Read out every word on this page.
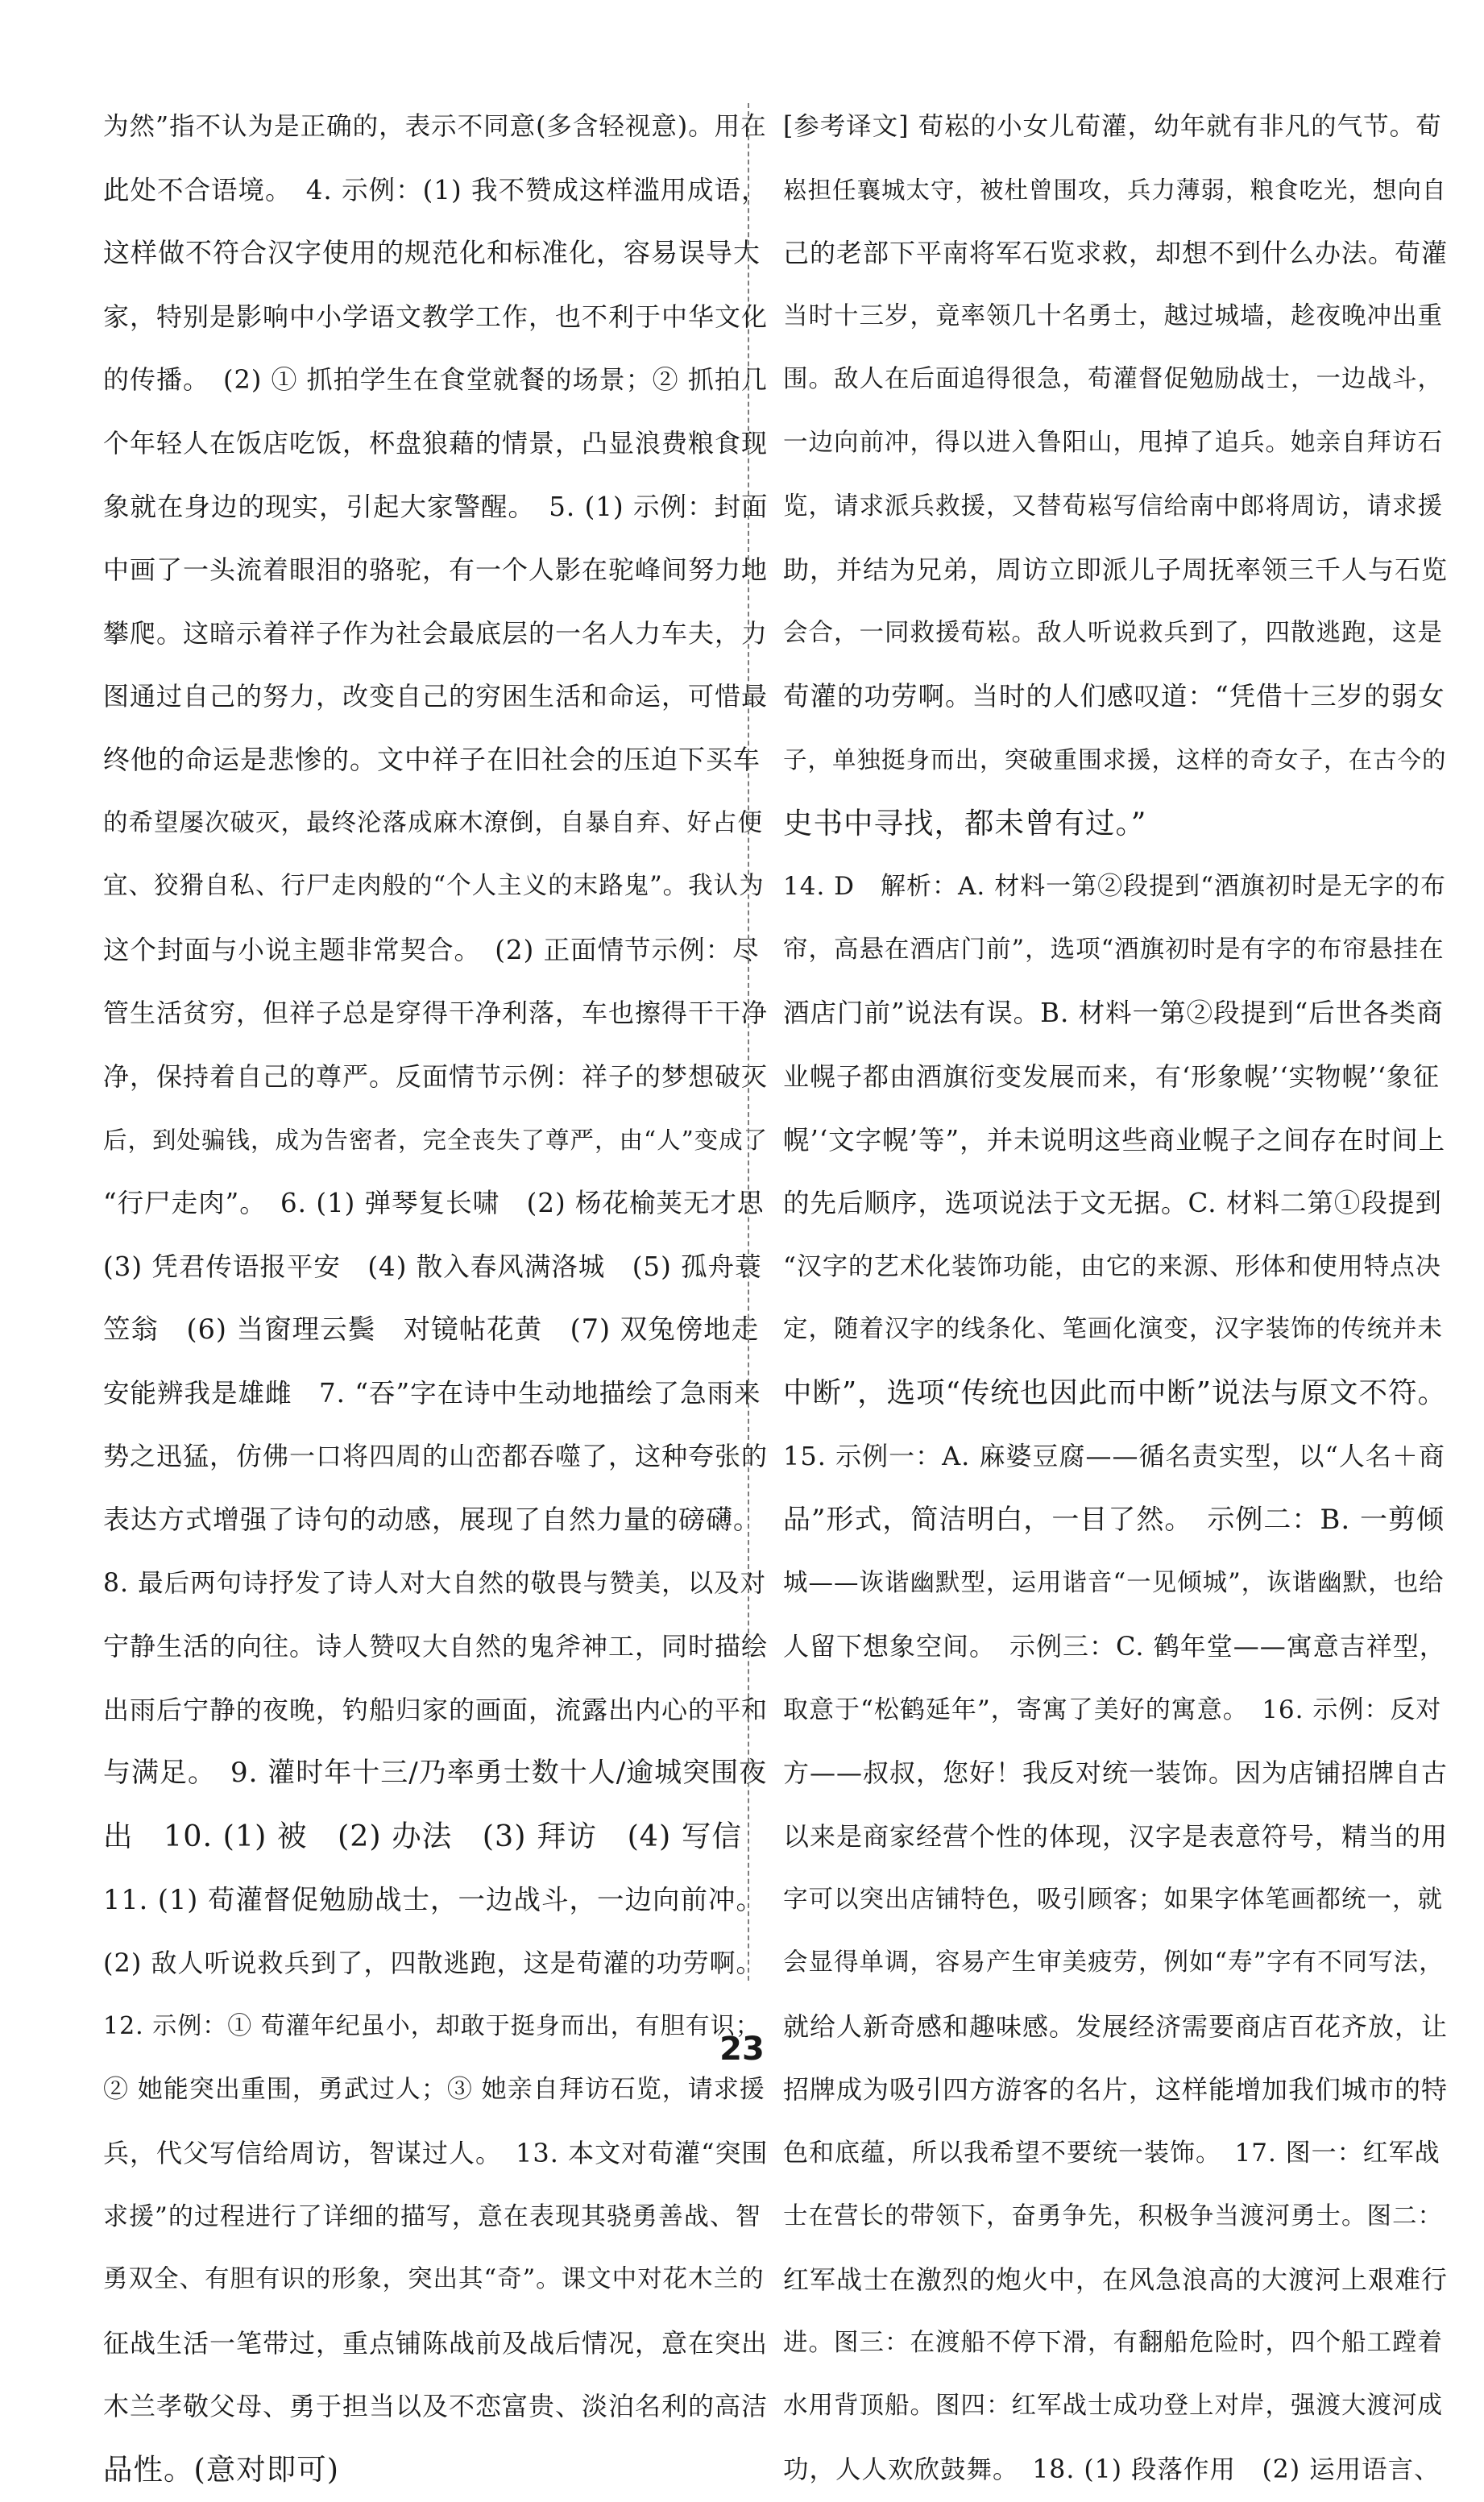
为然”指不认为是正确的，表示不同意(多含轻视意)。用在
此处不合语境。　4. 示例：(1) 我不赞成这样滥用成语，
这样做不符合汉字使用的规范化和标准化，容易误导大
家，特别是影响中小学语文教学工作，也不利于中华文化
的传播。　(2) ① 抓拍学生在食堂就餐的场景；② 抓拍几
个年轻人在饭店吃饭，杯盘狼藉的情景，凸显浪费粮食现
象就在身边的现实，引起大家警醒。　5. (1) 示例：封面
中画了一头流着眼泪的骆驼，有一个人影在驼峰间努力地
攀爬。这暗示着祥子作为社会最底层的一名人力车夫，力
图通过自己的努力，改变自己的穷困生活和命运，可惜最
终他的命运是悲惨的。文中祥子在旧社会的压迫下买车
的希望屡次破灭，最终沦落成麻木潦倒，自暴自弃、好占便
宜、狡猾自私、行尸走肉般的“个人主义的末路鬼”。我认为
这个封面与小说主题非常契合。　(2) 正面情节示例：尽
管生活贫穷，但祥子总是穿得干净利落，车也擦得干干净
净，保持着自己的尊严。反面情节示例：祥子的梦想破灭
后，到处骗钱，成为告密者，完全丧失了尊严，由“人”变成了
“行尸走肉”。　6. (1) 弹琴复长啸　(2) 杨花榆荚无才思
(3) 凭君传语报平安　(4) 散入春风满洛城　(5) 孤舟蓑
笠翁　(6) 当窗理云鬓　对镜帖花黄　(7) 双兔傍地走
安能辨我是雄雌　7. “吞”字在诗中生动地描绘了急雨来
势之迅猛，仿佛一口将四周的山峦都吞噬了，这种夸张的
表达方式增强了诗句的动感，展现了自然力量的磅礴。
8. 最后两句诗抒发了诗人对大自然的敬畏与赞美，以及对
宁静生活的向往。诗人赞叹大自然的鬼斧神工，同时描绘
出雨后宁静的夜晚，钓船归家的画面，流露出内心的平和
与满足。　9. 灌时年十三/乃率勇士数十人/逾城突围夜
出　10. (1) 被　(2) 办法　(3) 拜访　(4) 写信
11. (1) 荀灌督促勉励战士，一边战斗，一边向前冲。
(2) 敌人听说救兵到了，四散逃跑，这是荀灌的功劳啊。
12. 示例：① 荀灌年纪虽小，却敢于挺身而出，有胆有识；
② 她能突出重围，勇武过人；③ 她亲自拜访石览，请求援
兵，代父写信给周访，智谋过人。　13. 本文对荀灌“突围
求援”的过程进行了详细的描写，意在表现其骁勇善战、智
勇双全、有胆有识的形象，突出其“奇”。课文中对花木兰的
征战生活一笔带过，重点铺陈战前及战后情况，意在突出
木兰孝敬父母、勇于担当以及不恋富贵、淡泊名利的高洁
品性。(意对即可)
[参考译文] 荀崧的小女儿荀灌，幼年就有非凡的气节。荀
崧担任襄城太守，被杜曾围攻，兵力薄弱，粮食吃光，想向自
己的老部下平南将军石览求救，却想不到什么办法。荀灌
当时十三岁，竟率领几十名勇士，越过城墙，趁夜晚冲出重
围。敌人在后面追得很急，荀灌督促勉励战士，一边战斗，
一边向前冲，得以进入鲁阳山，甩掉了追兵。她亲自拜访石
览，请求派兵救援，又替荀崧写信给南中郎将周访，请求援
助，并结为兄弟，周访立即派儿子周抚率领三千人与石览
会合，一同救援荀崧。敌人听说救兵到了，四散逃跑，这是
荀灌的功劳啊。当时的人们感叹道：“凭借十三岁的弱女
子，单独挺身而出，突破重围求援，这样的奇女子，在古今的
史书中寻找，都未曾有过。”
14. D　解析：A. 材料一第②段提到“酒旗初时是无字的布
帘，高悬在酒店门前”，选项“酒旗初时是有字的布帘悬挂在
酒店门前”说法有误。B. 材料一第②段提到“后世各类商
业幌子都由酒旗衍变发展而来，有‘形象幌’‘实物幌’‘象征
幌’‘文字幌’等”，并未说明这些商业幌子之间存在时间上
的先后顺序，选项说法于文无据。C. 材料二第①段提到
“汉字的艺术化装饰功能，由它的来源、形体和使用特点决
定，随着汉字的线条化、笔画化演变，汉字装饰的传统并未
中断”，选项“传统也因此而中断”说法与原文不符。
15. 示例一：A. 麻婆豆腐——循名责实型，以“人名＋商
品”形式，简洁明白，一目了然。　示例二：B. 一剪倾
城——诙谐幽默型，运用谐音“一见倾城”，诙谐幽默，也给
人留下想象空间。　示例三：C. 鹤年堂——寓意吉祥型，
取意于“松鹤延年”，寄寓了美好的寓意。　16. 示例：反对
方——叔叔，您好！我反对统一装饰。因为店铺招牌自古
以来是商家经营个性的体现，汉字是表意符号，精当的用
字可以突出店铺特色，吸引顾客；如果字体笔画都统一，就
会显得单调，容易产生审美疲劳，例如“寿”字有不同写法，
就给人新奇感和趣味感。发展经济需要商店百花齐放，让
招牌成为吸引四方游客的名片，这样能增加我们城市的特
色和底蕴，所以我希望不要统一装饰。　17. 图一：红军战
士在营长的带领下，奋勇争先，积极争当渡河勇士。图二：
红军战士在激烈的炮火中，在风急浪高的大渡河上艰难行
进。图三：在渡船不停下滑，有翻船危险时，四个船工蹚着
水用背顶船。图四：红军战士成功登上对岸，强渡大渡河成
功，人人欢欣鼓舞。　18. (1) 段落作用　(2) 运用语言、
23
